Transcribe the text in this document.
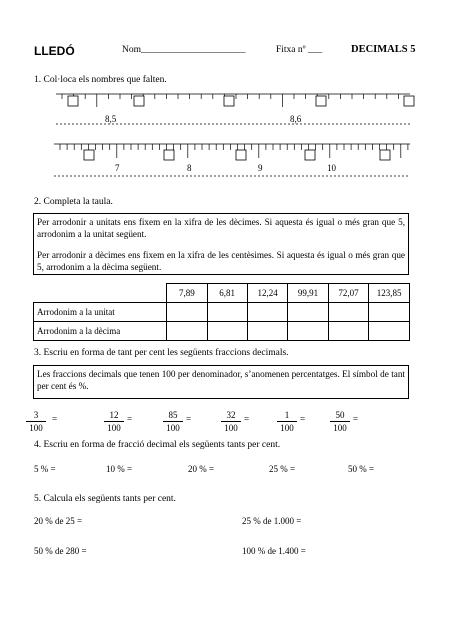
LLEDÓ	Nom______________________	Fitxa nº ___	DECIMALS 5
1. Col·loca els nombres que falten.
8,5	8,6
7	8	9	10
2. Completa la taula.

Per arrodonir a unitats ens fixem en la xifra de les dècimes. Si aquesta és igual o més gran que 5, arrodonim a la unitat següent.

Per arrodonir a dècimes ens fixem en la xifra de les centèsimes. Si aquesta és igual o més gran que 5, arrodonim a la dècima següent.

	7,89	6,81	12,24	99,91	72,07	123,85
Arrodonim a la unitat						
Arrodonim a la dècima						
3. Escriu en forma de tant per cent les següents fraccions decimals.

Les fraccions decimals que tenen 100 per denominador, s’anomenen percentatges. El símbol de tant per cent és %.

$\frac{3}{100}$ =	$\frac{12}{100}$ =	$\frac{85}{100}$ =	$\frac{32}{100}$ =	$\frac{1}{100}$ =	$\frac{50}{100}$ =
4. Escriu en forma de fracció decimal els següents tants per cent.
5 % =	10 % =	20 % =	25 % =	50 % =
5. Calcula els següents tants per cent.
20 % de 25 =	25 % de 1.000 =
50 % de 280 =	100 % de 1.400 =
